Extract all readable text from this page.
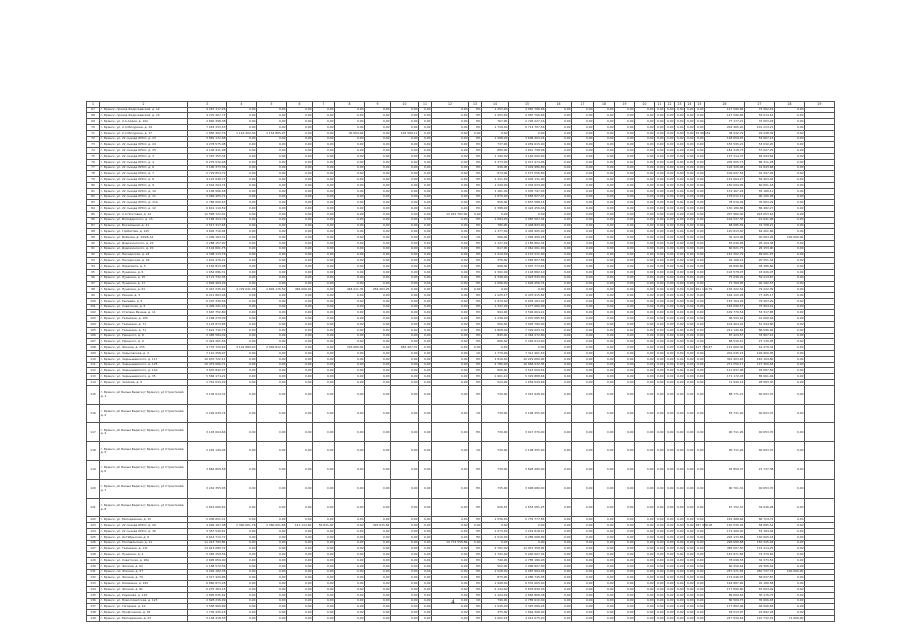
1	2	3	4	5	6	7	8	9	10	11	12	13	14	15	16	17	18	19	20	21	22	23	24	25	26	27	28	29
67	г. Брянск, проезд Федосеевский, д. 12	4 267 117,26	0,00	0,00	0,00	0,00	0,00	0,00	0,00	0,00	0,00	ПК	1 253,00	4 087 796,66	0,00	0,00	0,00	0,00	0,00	0,00	0,00	0,00	0,00	0,00	127 596,66	72 562,16	0,00	
68	г. Брянск, проезд Федосеевский, д. 14	4 270 407,73	0,00	0,00	0,00	0,00	0,00	0,00	0,00	0,00	0,00	ПК	1 253,00	4 087 796,66	0,00	0,00	0,00	0,00	0,00	0,00	0,00	0,00	0,00	0,00	127 596,66	55 014,61	0,00	
69	г. Брянск, ул. 2-я Аллея, д. 10А	2 840 398,38	0,00	0,00	0,00	0,00	0,00	0,00	0,00	0,00	0,00	ПК	767,00	2 726 227,16	0,00	0,00	0,00	0,00	0,00	0,00	0,00	0,00	0,00	0,00	77 177,21	37 003,03	0,00	
70	г. Брянск, ул. 2-я Мичурина, д. 14	7 018 333,53	0,00	0,00	0,00	0,00	0,00	0,00	0,00	0,00	0,00	ПК	1 739,00	6 714 707,56	0,00	0,00	0,00	0,00	0,00	0,00	0,00	0,00	0,00	0,00	202 465,20	101 213,21	0,00	
71	г. Брянск, ул. 2-я Мичурина, д. 17	1 850 302,76	1 116 402,36	1 154 865,97	0,00	0,00	30 564,94	0,00	102 589,11	0,00	0,00	0,00	0,00	0,00	0,00	0,00	0,00	0,00	0,00	0,00	0,00	0,00	0,00	79 660,81	38 442,79	29 248,39	0,00	
72	г. Брянск, ул. 22 съезда КПСС, д. 23	3 881 172,68	0,00	0,00	0,00	0,00	0,00	0,00	0,00	0,00	0,00	ПК	1 268,00	3 698 303,24	0,00	0,00	0,00	0,00	0,00	0,00	0,00	0,00	0,00	0,00	128 659,97	53 667,14	0,00	
73	г. Брянск, ул. 22 съезда КПСС, д. 24	4 278 575,98	0,00	0,00	0,00	0,00	0,00	0,00	0,00	0,00	0,00	ПК	737,00	4 059 615,90	0,00	0,00	0,00	0,00	0,00	0,00	0,00	0,00	0,00	0,00	155 595,21	53 032,20	0,00	
74	г. Брянск, ул. 22 съезда КПСС, д. 25	4 146 431,98	0,00	0,00	0,00	0,00	0,00	0,00	0,00	0,00	0,00	ПК	880,00	3 841 798,96	0,00	0,00	0,00	0,00	0,00	0,00	0,00	0,00	0,00	0,00	182 318,73	57 027,25	0,00	
75	г. Брянск, ул. 22 съезда КПСС, д. 3	3 397 355,34	0,00	0,00	0,00	0,00	0,00	0,00	0,00	0,00	0,00	ПК	1 190,00	4 150 000,00	0,00	0,00	0,00	0,00	0,00	0,00	0,00	0,00	0,00	0,00	137 114,37	65 094,82	0,00	
76	г. Брянск, ул. 22 съезда КПСС, д. 4	6 276 510,48	0,00	0,00	0,00	0,00	0,00	0,00	0,00	0,00	0,00	ПК	2 373,00	6 071 474,96	0,00	0,00	0,00	0,00	0,00	0,00	0,00	0,00	0,00	0,00	205 005,73	86 311,28	0,00	
77	г. Брянск, ул. 22 съезда КПСС, д. 6	3 190 373,36	0,00	0,00	0,00	0,00	0,00	0,00	0,00	0,00	0,00	ПК	936,00	3 029 986,80	0,00	0,00	0,00	0,00	0,00	0,00	0,00	0,00	0,00	0,00	102 326,06	41 643,68	0,00	
78	г. Брянск, ул. 22 съезда КПСС, д. 7	2 729 854,72	0,00	0,00	0,00	0,00	0,00	0,00	0,00	0,00	0,00	ПК	874,00	2 577 556,80	0,00	0,00	0,00	0,00	0,00	0,00	0,00	0,00	0,00	0,00	109 697,54	42 397,26	0,00	
79	г. Брянск, ул. 22 съезда КПСС, д. 8	4 197 648,73	0,00	0,00	0,00	0,00	0,00	0,00	0,00	0,00	0,00	ПК	1 311,00	4 003 131,00	0,00	0,00	0,00	0,00	0,00	0,00	0,00	0,00	0,00	0,00	132 064,27	56 453,45	0,00	
80	г. Брянск, ул. 22 съезда КПСС, д. 9	4 542 204,74	0,00	0,00	0,00	0,00	0,00	0,00	0,00	0,00	0,00	ПК	1 249,00	4 332 033,00	0,00	0,00	0,00	0,00	0,00	0,00	0,00	0,00	0,00	0,00	150 094,05	60 001,18	0,00	
81	г. Брянск, ул. 22 съезда КПСС, д. 10	4 106 566,58	0,00	0,00	0,00	0,00	0,00	0,00	0,00	0,00	0,00	ПК	1 181,00	3 935 797,93	0,00	0,00	0,00	0,00	0,00	0,00	0,00	0,00	0,00	0,00	131 467,26	55 180,11	0,00	
82	г. Брянск, ул. 22 съезда КПСС, д. 11	5 969 405,72	0,00	0,00	0,00	0,00	0,00	0,00	0,00	0,00	0,00	ПК	1 870,00	5 683 927,47	0,00	0,00	0,00	0,00	0,00	0,00	0,00	0,00	0,00	0,00	178 612,12	90 160,28	0,00	
83	г. Брянск, ул. 22 съезда КПСС, д. 11А	2 784 000,63	0,00	0,00	0,00	0,00	0,00	0,00	0,00	0,00	0,00	ПК	956,00	2 657 588,14	0,00	0,00	0,00	0,00	0,00	0,00	0,00	0,00	0,00	0,00	78 016,49	35 603,29	0,00	
84	г. Брянск, ул. 22 съезда КПСС, д. 12	6 641 119,59	0,00	0,00	0,00	0,00	0,00	0,00	0,00	0,00	0,00	ПК	2 388,00	6 424 456,46	0,00	0,00	0,00	0,00	0,00	0,00	0,00	0,00	0,00	0,00	130 180,86	86 482,27	0,00	
85	г. Брянск, ул. 2-я Почтовая, д. 12	12 598 722,01	0,00	0,00	0,00	0,00	0,00	0,00	0,00	0,00	12 221 702,00	0,00	0,00	0,00	0,00	0,00	0,00	0,00	0,00	0,00	0,00	0,00	0,00	0,00	207 966,40	218 053,61	0,00	
86	г. Брянск, ул. Володарского, д. 15	3 185 324,78	0,00	0,00	0,00	0,00	0,00	0,00	0,00	0,00	0,00	ПК	1 084,00	3 087 567,04	0,00	0,00	0,00	0,00	0,00	0,00	0,00	0,00	0,00	0,00	102 537,35	41 641,06	0,00	
87	г. Брянск, ул. Вокзальная, д. 21	2 517 317,65	0,00	0,00	0,00	0,00	0,00	0,00	0,00	0,00	0,00	ПК	780,00	2 448 893,00	0,00	0,00	0,00	0,00	0,00	0,00	0,00	0,00	0,00	0,00	68 085,59	31 708,21	0,00	
88	г. Брянск, ул. Горбатова, д. 125	4 602 710,04	0,00	0,00	0,00	0,00	0,00	0,00	0,00	0,00	0,00	ПК	1 377,00	4 445 905,00	0,00	0,00	0,00	0,00	0,00	0,00	0,00	0,00	0,00	0,00	120 813,50	64 261,86	0,00	
89	г. Брянск, ул. Войкова, д. 194/6 А2	1 206 163,31	0,00	0,00	0,00	0,00	0,00	0,00	0,00	0,00	0,00	СК	366,00	1 084 490,28	0,00	0,00	0,00	0,00	0,00	0,00	0,00	0,00	0,00	0,00	32 424,96	40 063,26	100 000,00	
90	г. Брянск, ул. Дзержинского, д. 22	2 288 157,00	0,00	0,00	0,00	0,00	0,00	0,00	0,00	0,00	0,00	ПК	1 127,00	2 185 862,34	0,00	0,00	0,00	0,00	0,00	0,00	0,00	0,00	0,00	0,00	55 040,28	26 104,38	0,00	
91	г. Брянск, ул. Дзержинского, д. 20	2 142 661,75	0,00	0,00	0,00	0,00	0,00	0,00	0,00	0,00	0,00	ПК	617,00	2 061 061,00	0,00	0,00	0,00	0,00	0,00	0,00	0,00	0,00	0,00	0,00	60 821,75	26 153,00	0,00	
92	г. Брянск, ул. Пионерская, д. 24	4 398 113,76	0,00	0,00	0,00	0,00	0,00	0,00	0,00	0,00	0,00	ПК	1 210,00	4 147 211,00	0,00	0,00	0,00	0,00	0,00	0,00	0,00	0,00	0,00	0,00	161 302,79	89 601,97	0,00	
93	г. Брянск, ул. Пионерская, д. 46	1 631 476,41	0,00	0,00	0,00	0,00	0,00	0,00	0,00	0,00	0,00	ПК	376,00	1 565 857,86	0,00	0,00	0,00	0,00	0,00	0,00	0,00	0,00	0,00	0,00	45 168,21	20 451,34	0,00	
94	г. Брянск, ул. Пересвета, д. 5	4 150 813,08	0,00	0,00	0,00	0,00	0,00	0,00	0,00	0,00	0,00	ПК	998,00	4 037 773,63	0,00	0,00	0,00	0,00	0,00	0,00	0,00	0,00	0,00	0,00	94 896,60	48 386,86	0,00	
95	г. Брянск, ул. Пушкина, д. 6	1 654 086,31	0,00	0,00	0,00	0,00	0,00	0,00	0,00	0,00	0,00	ПК	2 302,00	2 118 882,10	0,00	0,00	0,00	0,00	0,00	0,00	0,00	0,00	0,00	0,00	102 578,07	43 626,07	0,00	
96	г. Брянск, ул. Пушкина, д. 15	4 172 732,95	0,00	0,00	0,00	0,00	0,00	0,00	0,00	0,00	0,00	ПК	2 348,00	4 023 543,00	0,00	0,00	0,00	0,00	0,00	0,00	0,00	0,00	0,00	0,00	75 036,91	59 213,67	0,00	
97	г. Брянск, ул. Пушкина, д. 17	1 894 409,29	0,00	0,00	0,00	0,00	0,00	0,00	0,00	0,00	0,00	ПК	1 096,00	1 626 456,74	0,00	0,00	0,00	0,00	0,00	0,00	0,00	0,00	0,00	0,00	71 769,95	40 182,57	0,00	
98	г. Брянск, ул. Пушкина, д. 61	5 447 235,02	4 729 041,38	2 846 176,59	466 009,02	0,00	448 211,35	256 263,25	0,00	0,00	0,00	0,00	0,00	0,00	0,00	0,00	0,00	0,00	0,00	0,00	0,00	0,00	0,00	261 164,79	136 322,54	79 222,39	0,00	
99	г. Брянск, ул. Речная, д. 3	6 211 863,46	0,00	0,00	0,00	0,00	0,00	0,00	0,00	0,00	0,00	ПК	1 225,17	6 476 415,82	0,00	0,00	0,00	0,00	0,00	0,00	0,00	0,00	0,00	0,00	164 122,28	77 445,17	0,00	
100	г. Брянск, ул. Рылеева, д. 5	6 207 330,56	0,00	0,00	0,00	0,00	0,00	0,00	0,00	0,00	0,00	ПК	1 970,00	6 003 163,02	0,00	0,00	0,00	0,00	0,00	0,00	0,00	0,00	0,00	0,00	155 164,29	79 263,20	0,00	
101	г. Брянск, ул. Советская, д. 5	4 499 291,43	0,00	0,00	0,00	0,00	0,00	0,00	0,00	0,00	0,00	ПК	1 347,00	4 277 060,00	0,00	0,00	0,00	0,00	0,00	0,00	0,00	0,00	0,00	0,00	146 096,57	75 964,41	0,00	
102	г. Брянск, ул. Степана Разина, д. 11	3 667 752,80	0,00	0,00	0,00	0,00	0,00	0,00	0,00	0,00	0,00	ПК	994,00	3 504 664,41	0,00	0,00	0,00	0,00	0,00	0,00	0,00	0,00	0,00	0,00	109 770,54	53 317,85	0,00	
103	г. Брянск, ул. Тельмана, д. 105	3 208 279,09	0,00	0,00	0,00	0,00	0,00	0,00	0,00	0,00	0,00	ПК	1 248,00	3 070 085,63	0,00	0,00	0,00	0,00	0,00	0,00	0,00	0,00	0,00	0,00	96 593,42	41 600,04	0,00	
104	г. Брянск, ул. Тельмана, д. 71	3 125 874,85	0,00	0,00	0,00	0,00	0,00	0,00	0,00	0,00	0,00	ПК	950,40	3 026 780,00	0,00	0,00	0,00	0,00	0,00	0,00	0,00	0,00	0,00	0,00	104 464,22	51 594,80	0,00	
105	г. Брянск, ул. Тельмана, д. 71	7 621 710,75	0,00	0,00	0,00	0,00	0,00	0,00	0,00	0,00	0,00	ПК	1 808,00	7 329 093,31	0,00	0,00	0,00	0,00	0,00	0,00	0,00	0,00	0,00	0,00	211 145,82	86 596,94	0,00	
106	г. Брянск, ул. Урицкого, д. 8	2 485 584,49	0,00	0,00	0,00	0,00	0,00	0,00	0,00	0,00	0,00	ПК	845,40	2 364 272,80	0,00	0,00	0,00	0,00	0,00	0,00	0,00	0,00	0,00	0,00	87 424,57	33 807,12	0,00	
107	г. Брянск, ул. Урицкого, д. 9	2 422 261,56	0,00	0,00	0,00	0,00	0,00	0,00	0,00	0,00	0,00	ПК	896,40	2 326 614,00	0,00	0,00	0,00	0,00	0,00	0,00	0,00	0,00	0,00	0,00	68 516,51	27 130,05	0,00	
108	г. Брянск, ул. Фокина, д. 155	4 733 729,69	4 122 889,20	2 949 812,10	0,00	0,00	316 669,40	0,00	856 407,70	0,00	0,00	0,00	0,00	0,00	0,00	0,00	0,00	0,00	0,00	0,00	0,00	0,00	0,00	417 700,87	131 660,30	61 479,32	0,00	
109	г. Брянск, ул. Харьковская, д. 4	7 110 258,07	0,00	0,00	0,00	0,00	0,00	0,00	0,00	0,00	0,00	СК	1 770,00	7 311 461,53	0,00	0,00	0,00	0,00	0,00	0,00	0,00	0,00	0,00	0,00	202 045,15	109 960,05	0,00	
110	г. Брянск, ул. Чернышевского, д. 117	10 670 722,11	0,00	0,00	0,00	0,00	0,00	0,00	0,00	0,00	0,00	ПК	2 810,40	10 229 680,00	0,00	0,00	0,00	0,00	0,00	0,00	0,00	0,00	0,00	0,00	301 403,83	140 164,80	0,00	
111	г. Брянск, ул. Чернышевского, д. 125	10 479 006,71	0,00	0,00	0,00	0,00	0,00	0,00	0,00	0,00	0,00	ПК	2 786,00	10 068 432,35	0,00	0,00	0,00	0,00	0,00	0,00	0,00	0,00	0,00	0,00	271 556,17	137 300,64	0,00	
112	г. Брянск, ул. Чернышевского, д. 14А	3 670 842,27	0,00	0,00	0,00	0,00	0,00	0,00	0,00	0,00	0,00	ПК	806,00	3 514 009,61	0,00	0,00	0,00	0,00	0,00	0,00	0,00	0,00	0,00	0,00	111 837,06	45 087,56	0,00	
113	г. Брянск, ул. Чернышевского, д. 35	5 584 174,22	0,00	0,00	0,00	0,00	0,00	0,00	0,00	0,00	0,00	ПК	1 901,10	5 329 888,64	0,00	0,00	0,00	0,00	0,00	0,00	0,00	0,00	0,00	0,00	171 172,93	85 661,46	0,00	
114	г. Брянск, ул. Чкалова, д. 5	1 761 633,49	0,00	0,00	0,00	0,00	0,00	0,00	0,00	0,00	0,00	ПК	524,00	1 659 649,66	0,00	0,00	0,00	0,00	0,00	0,00	0,00	0,00	0,00	0,00	71 949,14	28 083,30	0,00	
115	г. Брянск, рп Белые Берега (г Брянск), ул Строителей, д. 1	3 136 514,31	0,00	0,00	0,00	0,00	0,00	0,00	0,00	0,00	0,00	ПК	730,00	3 015 928,00	0,00	0,00	0,00	0,00	0,00	0,00	0,00	0,00	0,00	0,00	88 771,21	40 653,70	0,00	
116	г. Брянск, рп Белые Берега (г Брянск), ул Строителей, д. 2	2 202 639,74	0,00	0,00	0,00	0,00	0,00	0,00	0,00	0,00	0,00	СК	730,00	2 108 355,00	0,00	0,00	0,00	0,00	0,00	0,00	0,00	0,00	0,00	0,00	55 731,20	40 653,70	0,00	
117	г. Брянск, рп Белые Берега (г Брянск), ул Строителей, д. 4	3 145 604,66	0,00	0,00	0,00	0,00	0,00	0,00	0,00	0,00	0,00	ПК	730,00	3 017 376,00	0,00	0,00	0,00	0,00	0,00	0,00	0,00	0,00	0,00	0,00	90 711,26	40 653,70	0,00	
118	г. Брянск, рп Белые Берега (г Брянск), ул Строителей, д. 5	2 242 149,05	0,00	0,00	0,00	0,00	0,00	0,00	0,00	0,00	0,00	СК	730,00	2 108 355,00	0,00	0,00	0,00	0,00	0,00	0,00	0,00	0,00	0,00	0,00	90 711,26	40 653,70	0,00	
119	г. Брянск, рп Белые Берега (г Брянск), ул Строителей, д. 6	3 864 809,58	0,00	0,00	0,00	0,00	0,00	0,00	0,00	0,00	0,00	ПК	730,00	3 828 480,00	0,00	0,00	0,00	0,00	0,00	0,00	0,00	0,00	0,00	0,00	45 859,37	21 737,38	0,00	
120	г. Брянск, рп Белые Берега (г Брянск), ул Строителей, д. 7	3 242 355,05	0,00	0,00	0,00	0,00	0,00	0,00	0,00	0,00	0,00	ПК	735,00	3 096 680,00	0,00	0,00	0,00	0,00	0,00	0,00	0,00	0,00	0,00	0,00	90 701,31	40 653,70	0,00	
121	г. Брянск, рп Белые Берега (г Брянск), ул Строителей, д. 8	2 814 666,62	0,00	0,00	0,00	0,00	0,00	0,00	0,00	0,00	0,00	ПК	626,52	2 653 281,25	0,00	0,00	0,00	0,00	0,00	0,00	0,00	0,00	0,00	0,00	67 152,31	34 046,28	0,00	
122	г. Брянск, ул. Молодежная, д. 15	5 936 651,41	0,00	0,00	0,00	0,00	0,00	0,00	0,00	0,00	0,00	ПК	1 536,00	5 776 777,85	0,00	0,00	0,00	0,00	0,00	0,00	0,00	0,00	0,00	0,00	181 488,66	80 724,72	0,00	
123	г. Брянск, ул. 22 съезда КПСС, д. 20	4 094 167,08	2 360 661,78	2 360 001,86	141 113,60	56 831,40	0,00	326 615,82	0,00	0,00	0,00	0,00	0,00	0,00	0,00	0,00	0,00	0,00	0,00	0,00	0,00	0,00	0,00	287 989,18	130 535,04	58 685,54	0,00	
124	г. Брянск, ул. 22 съезда КПСС, д. 30	3 457 549,61	0,00	0,00	0,00	0,00	0,00	0,00	0,00	0,00	0,00	ПК	1 073,00	3 219 818,41	0,00	0,00	0,00	0,00	0,00	0,00	0,00	0,00	0,00	0,00	174 406,40	53 184,04	0,00	
125	г. Брянск, ул. Октябрьская, д. 6	9 614 713,72	0,00	0,00	0,00	0,00	0,00	0,00	0,00	0,00	0,00	ПК	2 510,00	9 285 068,89	0,00	0,00	0,00	0,00	0,00	0,00	0,00	0,00	0,00	0,00	292 133,86	130 000,43	0,00	
126	г. Брянск, ул. Рославльская, д. 11	11 223 793,86	0,00	0,00	0,00	0,00	0,00	0,00	0,00	0,00	10 774 558,86	0,00	0,00	0,00	0,00	0,00	0,00	0,00	0,00	0,00	0,00	0,00	0,00	0,00	298 689,68	150 245,92	0,00	
127	г. Брянск, ул. Тельмана, д. 131	13 623 080,74	0,00	0,00	0,00	0,00	0,00	0,00	0,00	0,00	0,00	ПК	2 702,00	12 931 358,99	0,00	0,00	0,00	0,00	0,00	0,00	0,00	0,00	0,00	0,00	385 007,50	175 214,25	0,00	
128	г. Брянск, ул. Пушкина, д. 4	5 465 259,56	0,00	0,00	0,00	0,00	0,00	0,00	0,00	0,00	0,00	ПК	1 792,00	5 240 007,91	0,00	0,00	0,00	0,00	0,00	0,00	0,00	0,00	0,00	0,00	152 871,84	72 379,81	0,00	
129	г. Брянск, ул. Советская, д. 18А	2 895 659,00	0,00	0,00	0,00	0,00	0,00	0,00	0,00	0,00	0,00	ПК	740,00	2 785 186,93	0,00	0,00	0,00	0,00	0,00	0,00	0,00	0,00	0,00	0,00	78 098,53	32 373,54	0,00	
130	г. Брянск, ул. Фокина, д. 63	2 186 570,56	0,00	0,00	0,00	0,00	0,00	0,00	0,00	0,00	0,00	ПК	552,00	2 096 807,90	0,00	0,00	0,00	0,00	0,00	0,00	0,00	0,00	0,00	0,00	60 456,64	29 306,02	0,00	
131	г. Брянск, пл. Фокина, д. 57	9 246 182,35	0,00	0,00	0,00	0,00	0,00	0,00	0,00	0,00	0,00	ПК	1 528,00	9 087 904,48	0,00	0,00	0,00	0,00	0,00	0,00	0,00	0,00	0,00	0,00	257 471,65	250 737,74	100 000,00	
132	г. Брянск, ул. Фокина, д. 79	4 317 429,86	0,00	0,00	0,00	0,00	0,00	0,00	0,00	0,00	0,00	ПК	875,00	4 086 745,95	0,00	0,00	0,00	0,00	0,00	0,00	0,00	0,00	0,00	0,00	172 046,07	58 637,87	0,00	
133	г. Брянск, ул. Калинина, д. 165	6 860 873,28	0,00	0,00	0,00	0,00	0,00	0,00	0,00	0,00	0,00	ПК	1 998,00	6 531 665,40	0,00	0,00	0,00	0,00	0,00	0,00	0,00	0,00	0,00	0,00	164 887,90	91 180,58	0,00	
134	г. Брянск, ул. Фокина, д. 81	6 275 363,15	0,00	0,00	0,00	0,00	0,00	0,00	0,00	0,00	0,00	ПК	2 144,00	5 876 830,03	0,00	0,00	0,00	0,00	0,00	0,00	0,00	0,00	0,00	0,00	177 890,80	87 604,49	0,00	
135	г. Брянск, ул. Ульянова, д. 110	2 895 635,62	0,00	0,00	0,00	0,00	0,00	0,00	0,00	0,00	0,00	ПК	1 104,00	2 665 868,38	0,00	0,00	0,00	0,00	0,00	0,00	0,00	0,00	0,00	0,00	89 609,63	30 176,75	0,00	
136	г. Брянск, ул. Ново-Советская, д. 123	2 828 236,99	0,00	0,00	0,00	0,00	0,00	0,00	0,00	0,00	0,00	СК	796,00	2 785 610,00	0,00	0,00	0,00	0,00	0,00	0,00	0,00	0,00	0,00	0,00	80 509,73	35 606,93	0,00	
137	г. Брянск, ул. Гагарина, д. 10	3 548 966,89	0,00	0,00	0,00	0,00	0,00	0,00	0,00	0,00	0,00	ПК	1 045,00	3 325 080,24	0,00	0,00	0,00	0,00	0,00	0,00	0,00	0,00	0,00	0,00	177 802,06	46 066,65	0,00	
138	г. Брянск, ул. Профсоюзов, д. 25	1 739 435,16	0,00	0,00	0,00	0,00	0,00	0,00	0,00	0,00	0,00	ПК	375,00	1 664 308,90	0,00	0,00	0,00	0,00	0,00	0,00	0,00	0,00	0,00	0,00	49 513,97	24 892,28	0,00	
139	г. Брянск, ул. Молодежная, д. 23	5 148 318,55	0,00	0,00	0,00	0,00	0,00	0,00	0,00	0,00	0,00	ПК	1 602,24	4 914 075,20	0,00	0,00	0,00	0,00	0,00	0,00	0,00	0,00	0,00	0,00	227 930,63	110 732,01	71 000,00	
4
